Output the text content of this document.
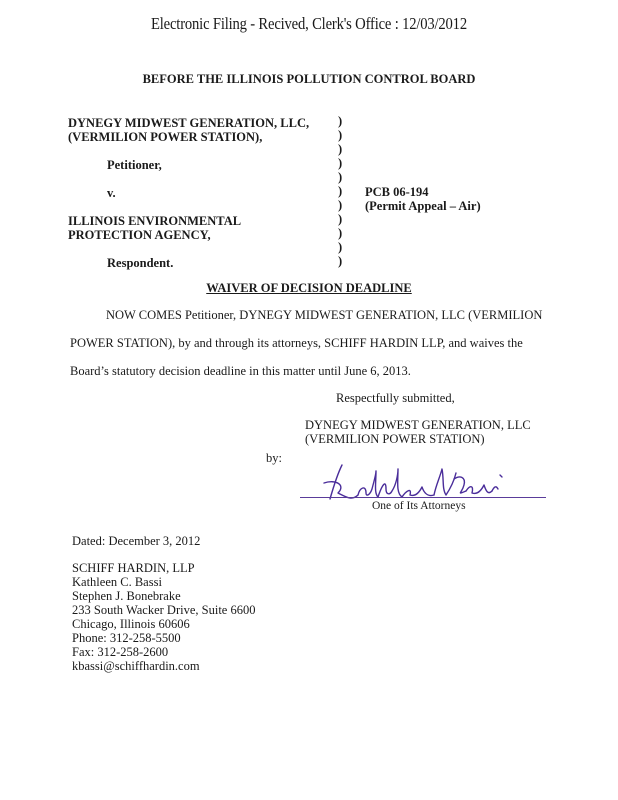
Electronic Filing - Recived, Clerk's Office : 12/03/2012
BEFORE THE ILLINOIS POLLUTION CONTROL BOARD
DYNEGY MIDWEST GENERATION, LLC,
(VERMILION POWER STATION),
Petitioner,
v.
ILLINOIS ENVIRONMENTAL
PROTECTION AGENCY,
Respondent.
)
)
)
)
)
)
)
)
)
)
)
PCB 06-194
(Permit Appeal – Air)
WAIVER OF DECISION DEADLINE
NOW COMES Petitioner, DYNEGY MIDWEST GENERATION, LLC (VERMILION
POWER STATION), by and through its attorneys, SCHIFF HARDIN LLP, and waives the
Board’s statutory decision deadline in this matter until June 6, 2013.
Respectfully submitted,
DYNEGY MIDWEST GENERATION, LLC
(VERMILION POWER STATION)
by:
One of Its Attorneys
Dated: December 3, 2012
SCHIFF HARDIN, LLP
Kathleen C. Bassi
Stephen J. Bonebrake
233 South Wacker Drive, Suite 6600
Chicago, Illinois 60606
Phone: 312-258-5500
Fax: 312-258-2600
kbassi@schiffhardin.com
